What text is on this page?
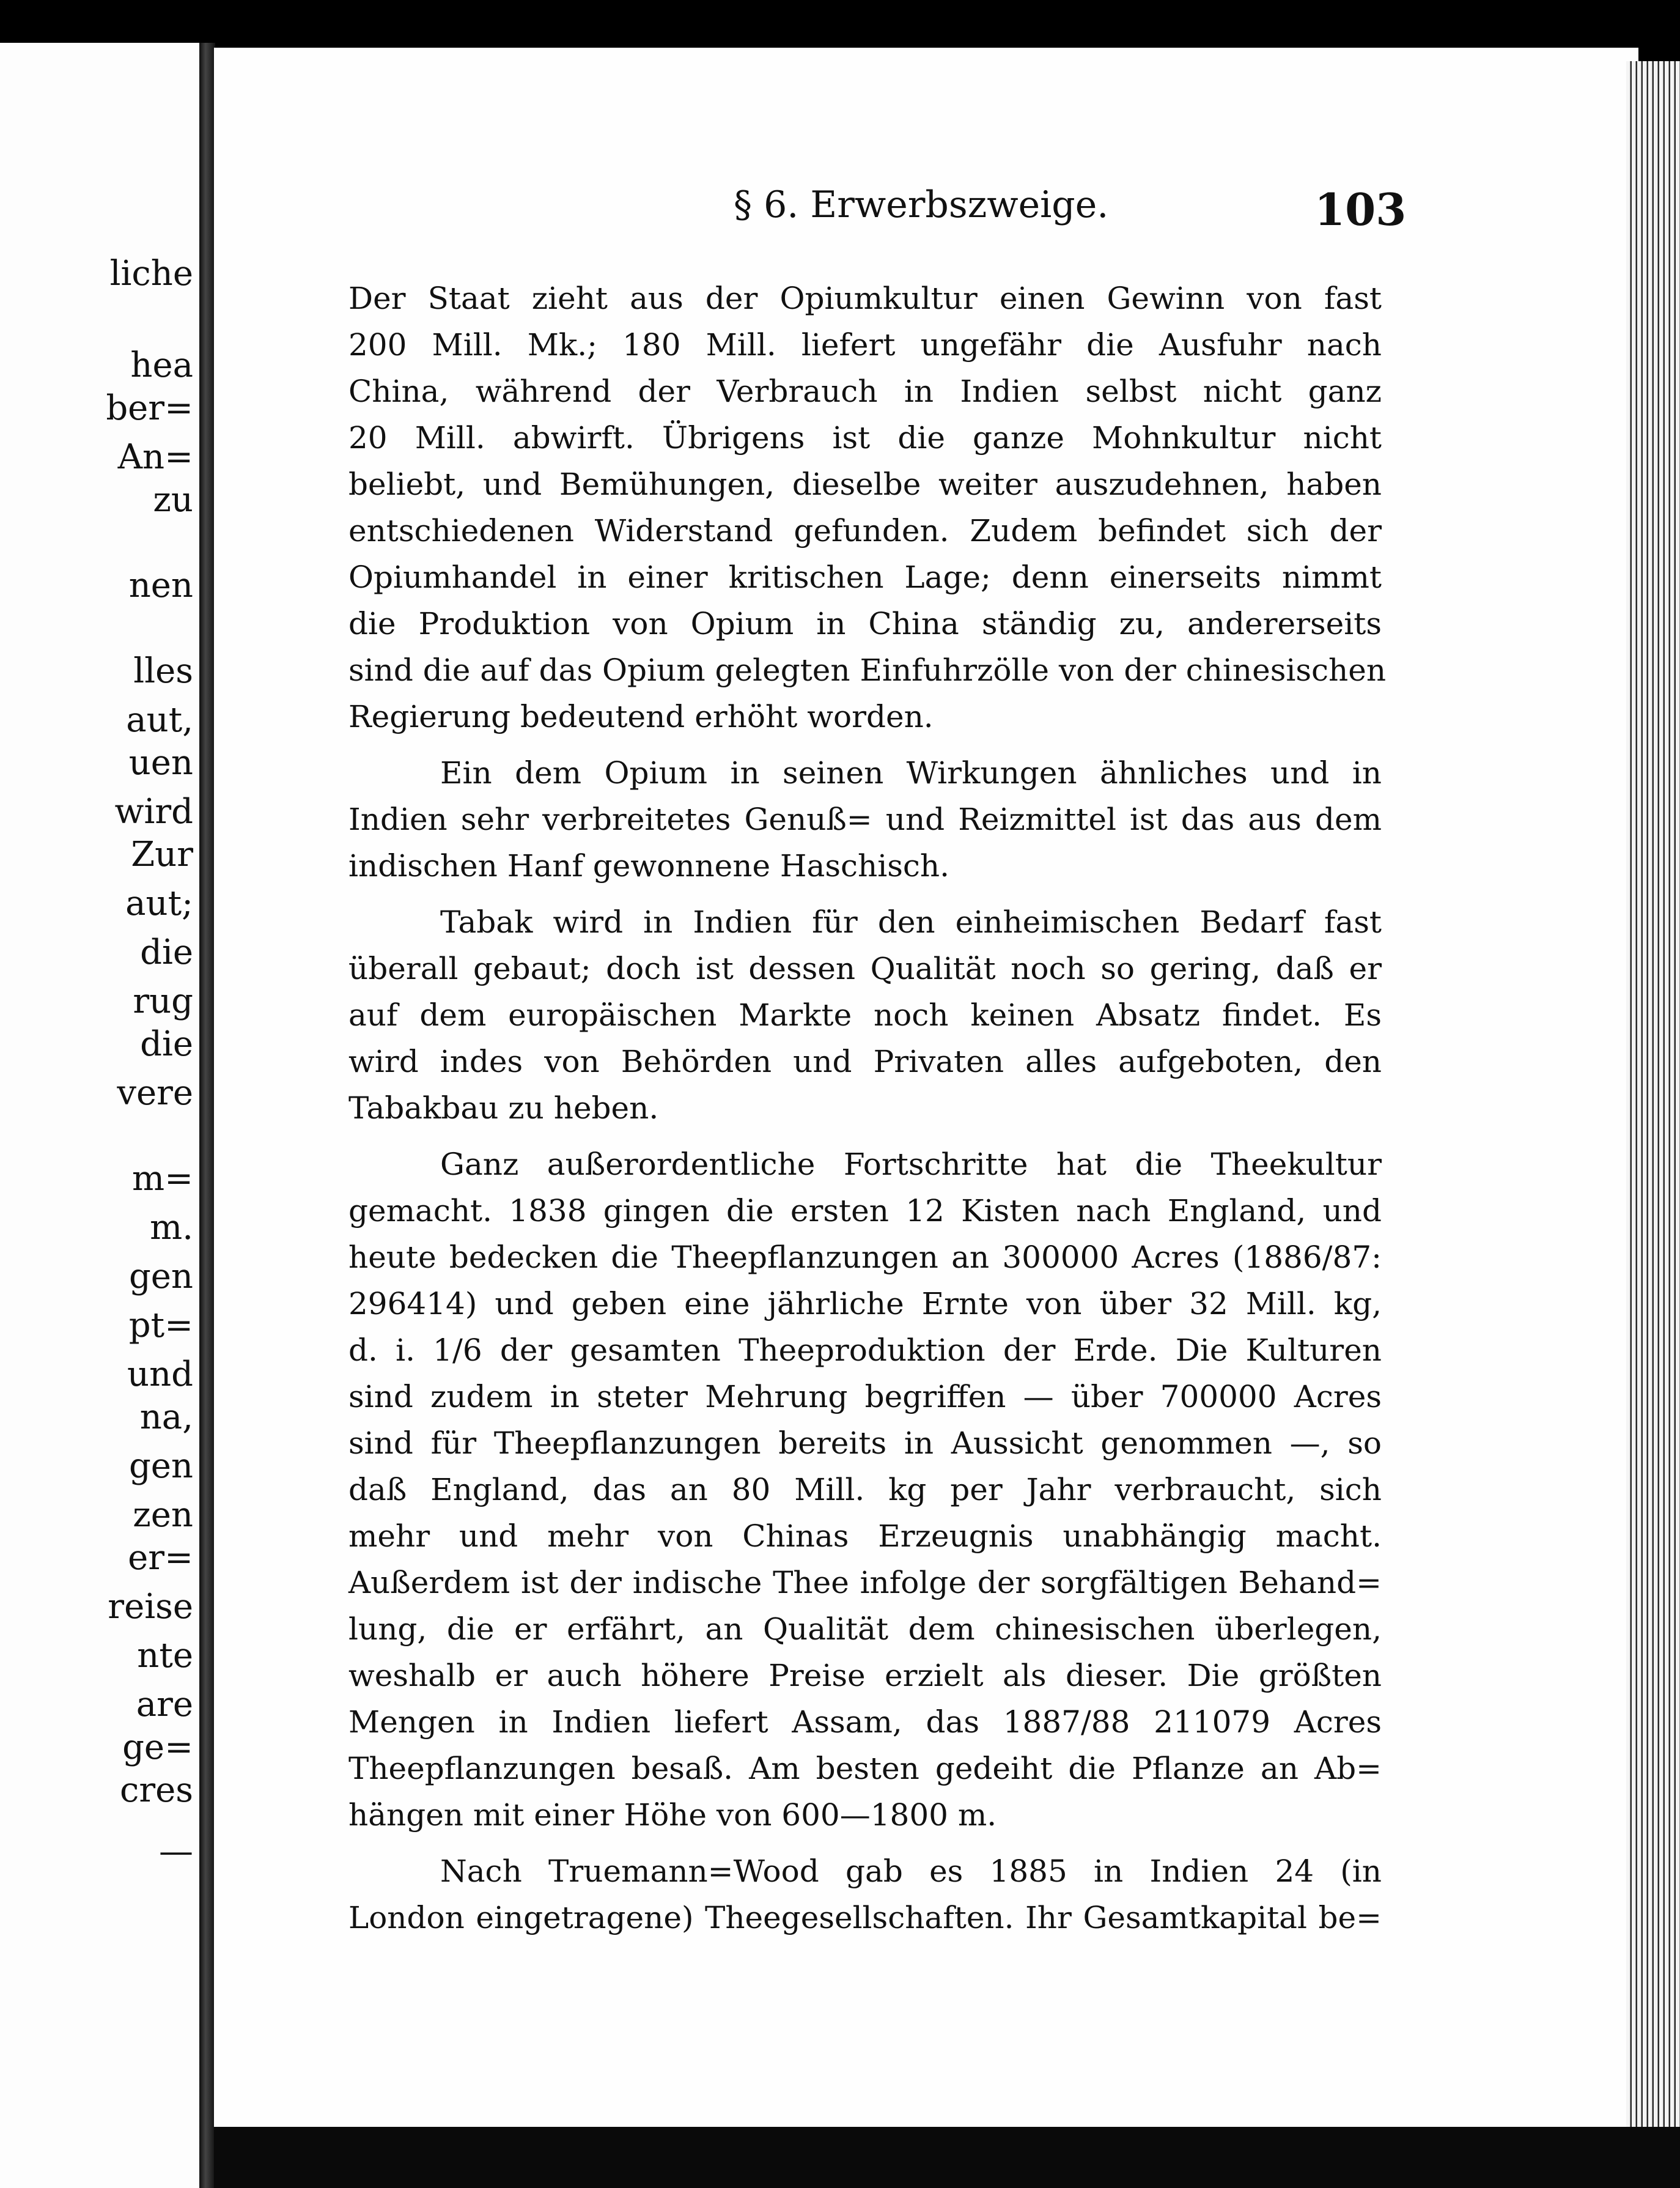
liche
hea
ber=
An=
zu
nen
lles
aut,
uen
wird
Zur
aut;
die
rug
die
vere
m=
m.
gen
pt=
und
na,
gen
zen
er=
reise
nte
are
ge=
cres
—
§ 6. Erwerbszweige.	103
Der Staat zieht aus der Opiumkultur einen Gewinn von fast
200 Mill. Mk.; 180 Mill. liefert ungefähr die Ausfuhr nach
China, während der Verbrauch in Indien selbst nicht ganz
20 Mill. abwirft. Übrigens ist die ganze Mohnkultur nicht
beliebt, und Bemühungen, dieselbe weiter auszudehnen, haben
entschiedenen Widerstand gefunden. Zudem befindet sich der
Opiumhandel in einer kritischen Lage; denn einerseits nimmt
die Produktion von Opium in China ständig zu, andererseits
sind die auf das Opium gelegten Einfuhrzölle von der chinesischen
Regierung bedeutend erhöht worden.
Ein dem Opium in seinen Wirkungen ähnliches und in
Indien sehr verbreitetes Genuß= und Reizmittel ist das aus dem
indischen Hanf gewonnene Haschisch.
Tabak wird in Indien für den einheimischen Bedarf fast
überall gebaut; doch ist dessen Qualität noch so gering, daß er
auf dem europäischen Markte noch keinen Absatz findet. Es
wird indes von Behörden und Privaten alles aufgeboten, den
Tabakbau zu heben.
Ganz außerordentliche Fortschritte hat die Theekultur
gemacht. 1838 gingen die ersten 12 Kisten nach England, und
heute bedecken die Theepflanzungen an 300000 Acres (1886/87:
296414) und geben eine jährliche Ernte von über 32 Mill. kg,
d. i. 1/6 der gesamten Theeproduktion der Erde. Die Kulturen
sind zudem in steter Mehrung begriffen — über 700000 Acres
sind für Theepflanzungen bereits in Aussicht genommen —, so
daß England, das an 80 Mill. kg per Jahr verbraucht, sich
mehr und mehr von Chinas Erzeugnis unabhängig macht.
Außerdem ist der indische Thee infolge der sorgfältigen Behand=
lung, die er erfährt, an Qualität dem chinesischen überlegen,
weshalb er auch höhere Preise erzielt als dieser. Die größten
Mengen in Indien liefert Assam, das 1887/88 211079 Acres
Theepflanzungen besaß. Am besten gedeiht die Pflanze an Ab=
hängen mit einer Höhe von 600—1800 m.
Nach Truemann=Wood gab es 1885 in Indien 24 (in
London eingetragene) Theegesellschaften. Ihr Gesamtkapital be=
